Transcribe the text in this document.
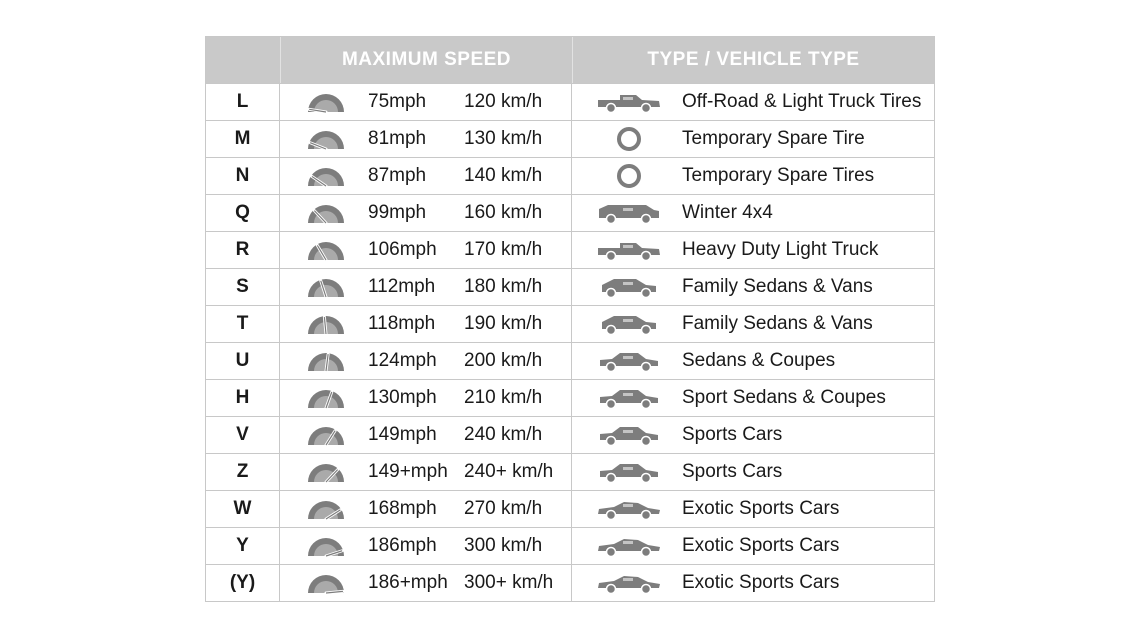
MAXIMUM SPEED	TYPE / VEHICLE TYPE
L	75mph	120 km/h	Off-Road & Light Truck Tires
M	81mph	130 km/h	Temporary Spare Tire
N	87mph	140 km/h	Temporary Spare Tires
Q	99mph	160 km/h	Winter 4x4
R	106mph	170 km/h	Heavy Duty Light Truck
S	112mph	180 km/h	Family Sedans & Vans
T	118mph	190 km/h	Family Sedans & Vans
U	124mph	200 km/h	Sedans & Coupes
H	130mph	210 km/h	Sport Sedans & Coupes
V	149mph	240 km/h	Sports Cars
Z	149+mph 240+ km/h	Sports Cars
W	168mph	270 km/h	Exotic Sports Cars
Y	186mph	300 km/h	Exotic Sports Cars
(Y)	186+mph 300+ km/h	Exotic Sports Cars
